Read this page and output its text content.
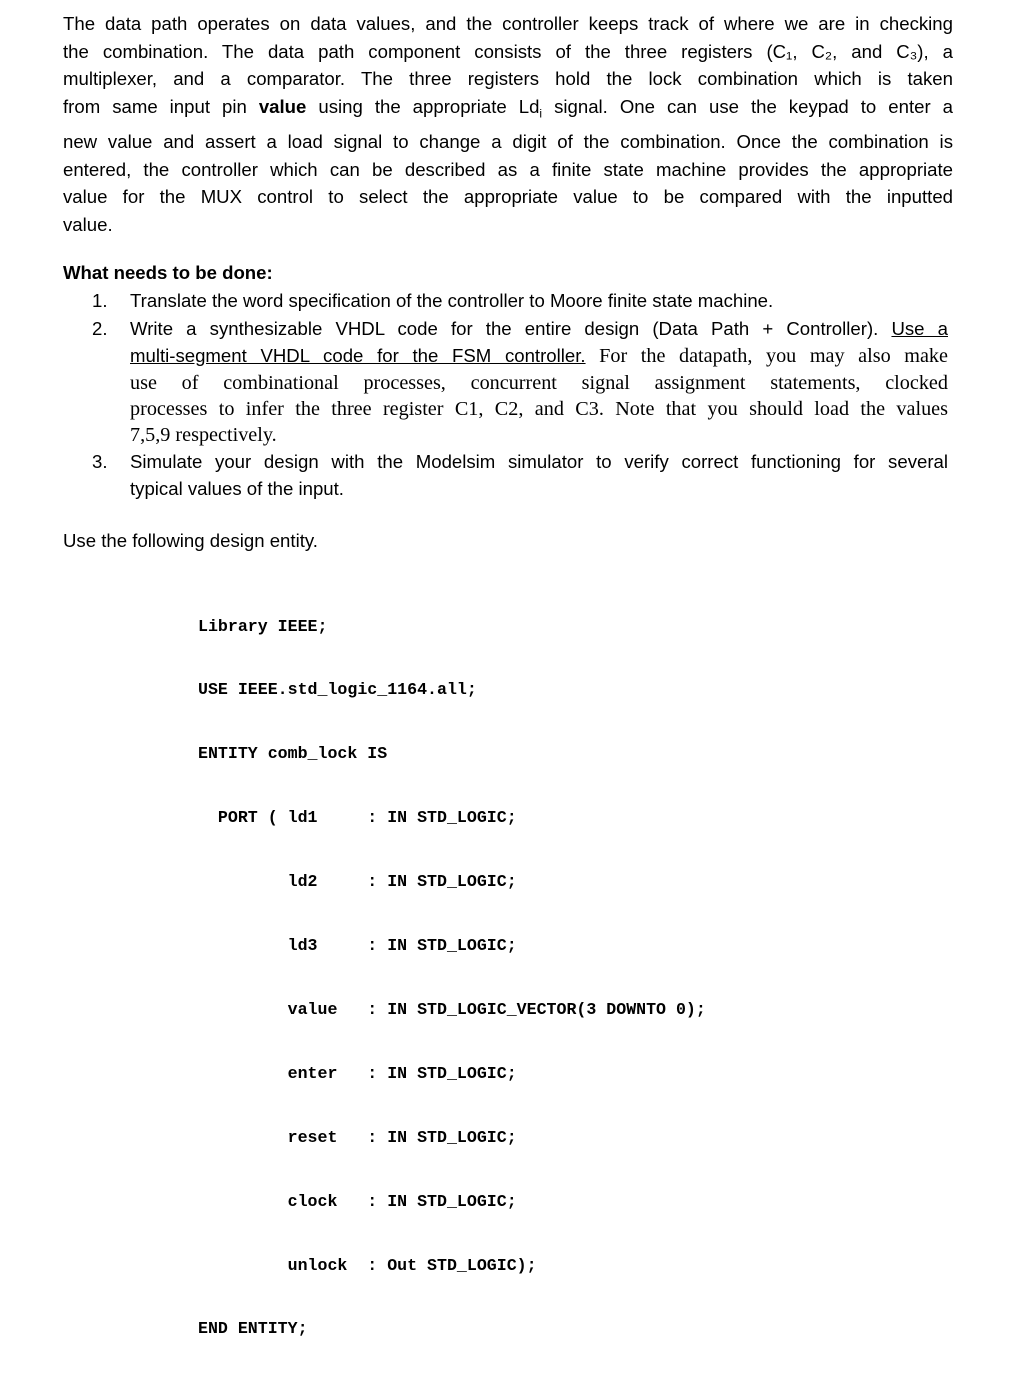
The data path operates on data values, and the controller keeps track of where we are in checking
the combination. The data path component consists of the three registers (C₁, C₂, and C₃), a
multiplexer, and a comparator. The three registers hold the lock combination which is taken
from same input pin value using the appropriate $Ld_i$ signal. One can use the keypad to enter a
new value and assert a load signal to change a digit of the combination. Once the combination is
entered, the controller which can be described as a finite state machine provides the appropriate
value for the MUX control to select the appropriate value to be compared with the inputted
value.

What needs to be done:

1. Translate the word specification of the controller to Moore finite state machine.
2. Write a synthesizable VHDL code for the entire design (Data Path + Controller). Use a
multi-segment VHDL code for the FSM controller. For the datapath, you may also make
use of combinational processes, concurrent signal assignment statements, clocked
processes to infer the three register C1, C2, and C3. Note that you should load the values
7,5,9 respectively.
3. Simulate your design with the Modelsim simulator to verify correct functioning for several
typical values of the input.

Use the following design entity.

Library IEEE;

USE IEEE.std_logic_1164.all;

ENTITY comb_lock IS

PORT ( ld1     : IN STD_LOGIC;

ld2     : IN STD_LOGIC;

ld3     : IN STD_LOGIC;

value   : IN STD_LOGIC_VECTOR(3 DOWNTO 0);

enter   : IN STD_LOGIC;

reset   : IN STD_LOGIC;

clock   : IN STD_LOGIC;

unlock  : Out STD_LOGIC);

END ENTITY;
